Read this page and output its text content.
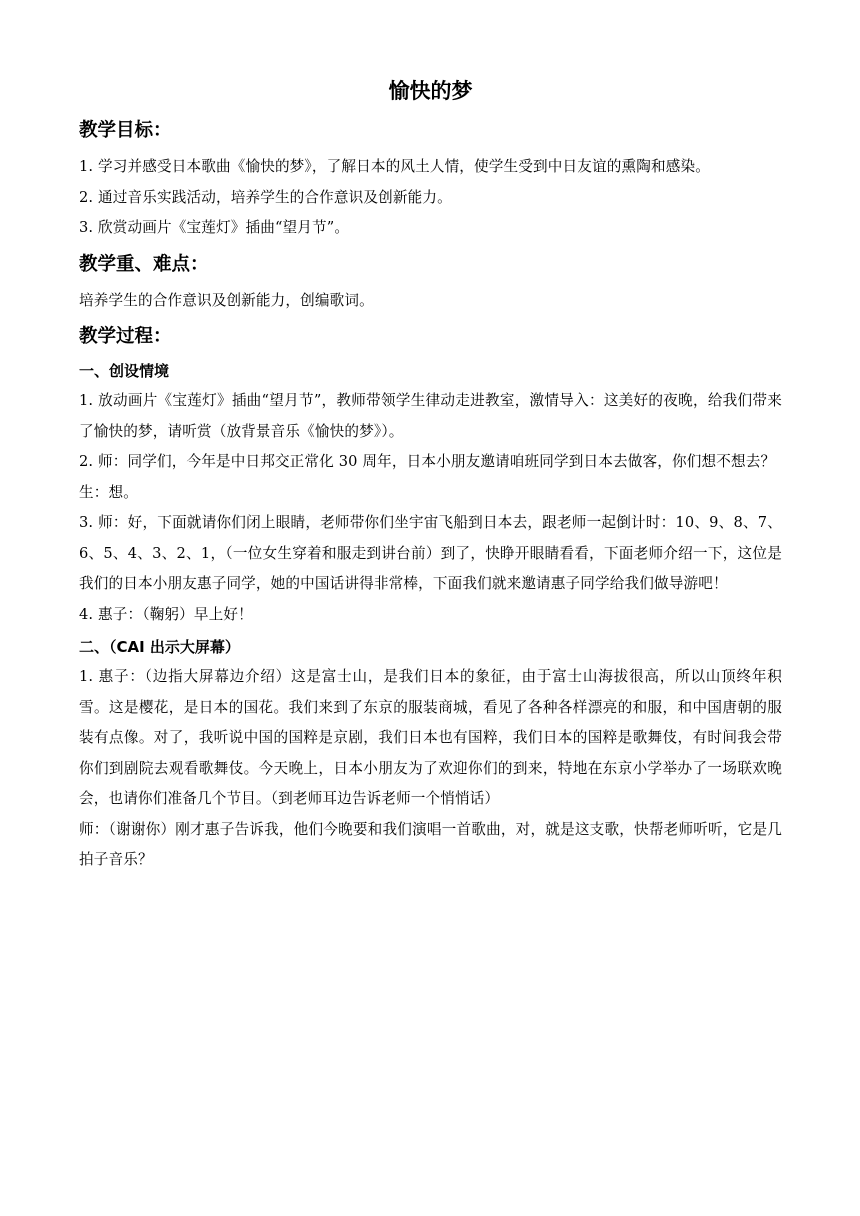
愉快的梦
教学目标：

1. 学习并感受日本歌曲《愉快的梦》，了解日本的风土人情，使学生受到中日友谊的熏陶和感染。

2. 通过音乐实践活动，培养学生的合作意识及创新能力。

3. 欣赏动画片《宝莲灯》插曲“望月节”。

教学重、难点：

培养学生的合作意识及创新能力，创编歌词。

教学过程：
一、创设情境

1. 放动画片《宝莲灯》插曲“望月节”，教师带领学生律动走进教室，激情导入：这美好的夜晚，给我们带来了愉快的梦，请听赏（放背景音乐《愉快的梦》）。

2. 师：同学们，今年是中日邦交正常化 30 周年，日本小朋友邀请咱班同学到日本去做客，你们想不想去？

生：想。

3. 师：好，下面就请你们闭上眼睛，老师带你们坐宇宙飞船到日本去，跟老师一起倒计时：10、9、8、7、6、5、4、3、2、1，（一位女生穿着和服走到讲台前）到了，快睁开眼睛看看，下面老师介绍一下，这位是我们的日本小朋友惠子同学，她的中国话讲得非常棒，下面我们就来邀请惠子同学给我们做导游吧！

4. 惠子：（鞠躬）早上好！

二、（CAI 出示大屏幕）

1. 惠子：（边指大屏幕边介绍）这是富士山，是我们日本的象征，由于富士山海拔很高，所以山顶终年积雪。这是樱花，是日本的国花。我们来到了东京的服装商城，看见了各种各样漂亮的和服，和中国唐朝的服装有点像。对了，我听说中国的国粹是京剧，我们日本也有国粹，我们日本的国粹是歌舞伎，有时间我会带你们到剧院去观看歌舞伎。今天晚上，日本小朋友为了欢迎你们的到来，特地在东京小学举办了一场联欢晚会，也请你们准备几个节目。（到老师耳边告诉老师一个悄悄话）

师：（谢谢你）刚才惠子告诉我，他们今晚要和我们演唱一首歌曲，对，就是这支歌，快帮老师听听，它是几拍子音乐？
